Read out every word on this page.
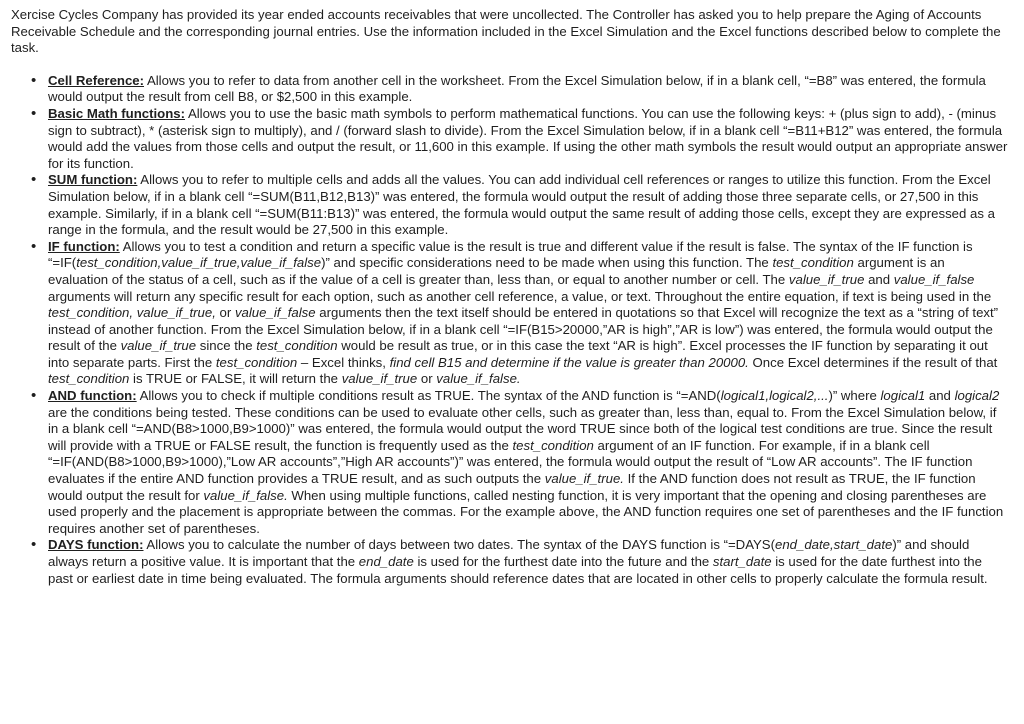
Xercise Cycles Company has provided its year ended accounts receivables that were uncollected. The Controller has asked you to help prepare the Aging of Accounts Receivable Schedule and the corresponding journal entries. Use the information included in the Excel Simulation and the Excel functions described below to complete the task.

• Cell Reference: Allows you to refer to data from another cell in the worksheet. From the Excel Simulation below, if in a blank cell, “=B8” was entered, the formula would output the result from cell B8, or $2,500 in this example.
• Basic Math functions: Allows you to use the basic math symbols to perform mathematical functions. You can use the following keys: + (plus sign to add), - (minus sign to subtract), * (asterisk sign to multiply), and / (forward slash to divide). From the Excel Simulation below, if in a blank cell “=B11+B12” was entered, the formula would add the values from those cells and output the result, or 11,600 in this example. If using the other math symbols the result would output an appropriate answer for its function.
• SUM function: Allows you to refer to multiple cells and adds all the values. You can add individual cell references or ranges to utilize this function. From the Excel Simulation below, if in a blank cell “=SUM(B11,B12,B13)” was entered, the formula would output the result of adding those three separate cells, or 27,500 in this example. Similarly, if in a blank cell “=SUM(B11:B13)” was entered, the formula would output the same result of adding those cells, except they are expressed as a range in the formula, and the result would be 27,500 in this example.
• IF function: Allows you to test a condition and return a specific value is the result is true and different value if the result is false. The syntax of the IF function is “=IF(test_condition,value_if_true,value_if_false)” and specific considerations need to be made when using this function. The test_condition argument is an evaluation of the status of a cell, such as if the value of a cell is greater than, less than, or equal to another number or cell. The value_if_true and value_if_false arguments will return any specific result for each option, such as another cell reference, a value, or text. Throughout the entire equation, if text is being used in the test_condition, value_if_true, or value_if_false arguments then the text itself should be entered in quotations so that Excel will recognize the text as a “string of text” instead of another function. From the Excel Simulation below, if in a blank cell “=IF(B15>20000,”AR is high”,”AR is low”) was entered, the formula would output the result of the value_if_true since the test_condition would be result as true, or in this case the text “AR is high”. Excel processes the IF function by separating it out into separate parts. First the test_condition – Excel thinks, find cell B15 and determine if the value is greater than 20000. Once Excel determines if the result of that test_condition is TRUE or FALSE, it will return the value_if_true or value_if_false.
• AND function: Allows you to check if multiple conditions result as TRUE. The syntax of the AND function is “=AND(logical1,logical2,...)” where logical1 and logical2 are the conditions being tested. These conditions can be used to evaluate other cells, such as greater than, less than, equal to. From the Excel Simulation below, if in a blank cell “=AND(B8>1000,B9>1000)” was entered, the formula would output the word TRUE since both of the logical test conditions are true. Since the result will provide with a TRUE or FALSE result, the function is frequently used as the test_condition argument of an IF function. For example, if in a blank cell “=IF(AND(B8>1000,B9>1000),”Low AR accounts”,”High AR accounts”)” was entered, the formula would output the result of “Low AR accounts”. The IF function evaluates if the entire AND function provides a TRUE result, and as such outputs the value_if_true. If the AND function does not result as TRUE, the IF function would output the result for value_if_false. When using multiple functions, called nesting function, it is very important that the opening and closing parentheses are used properly and the placement is appropriate between the commas. For the example above, the AND function requires one set of parentheses and the IF function requires another set of parentheses.
• DAYS function: Allows you to calculate the number of days between two dates. The syntax of the DAYS function is “=DAYS(end_date,start_date)” and should always return a positive value. It is important that the end_date is used for the furthest date into the future and the start_date is used for the date furthest into the past or earliest date in time being evaluated. The formula arguments should reference dates that are located in other cells to properly calculate the formula result.
